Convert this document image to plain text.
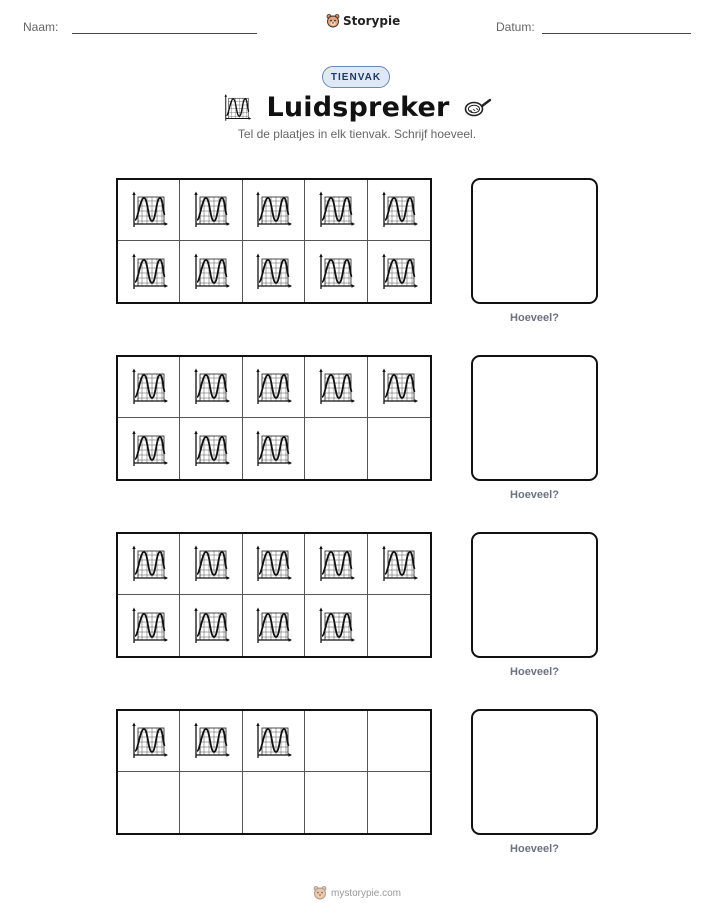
Naam:	Storypie	Datum:
TIENVAK
Luidspreker
Tel de plaatjes in elk tienvak. Schrijf hoeveel.
Hoeveel?
Hoeveel?
Hoeveel?
Hoeveel?
mystorypie.com
